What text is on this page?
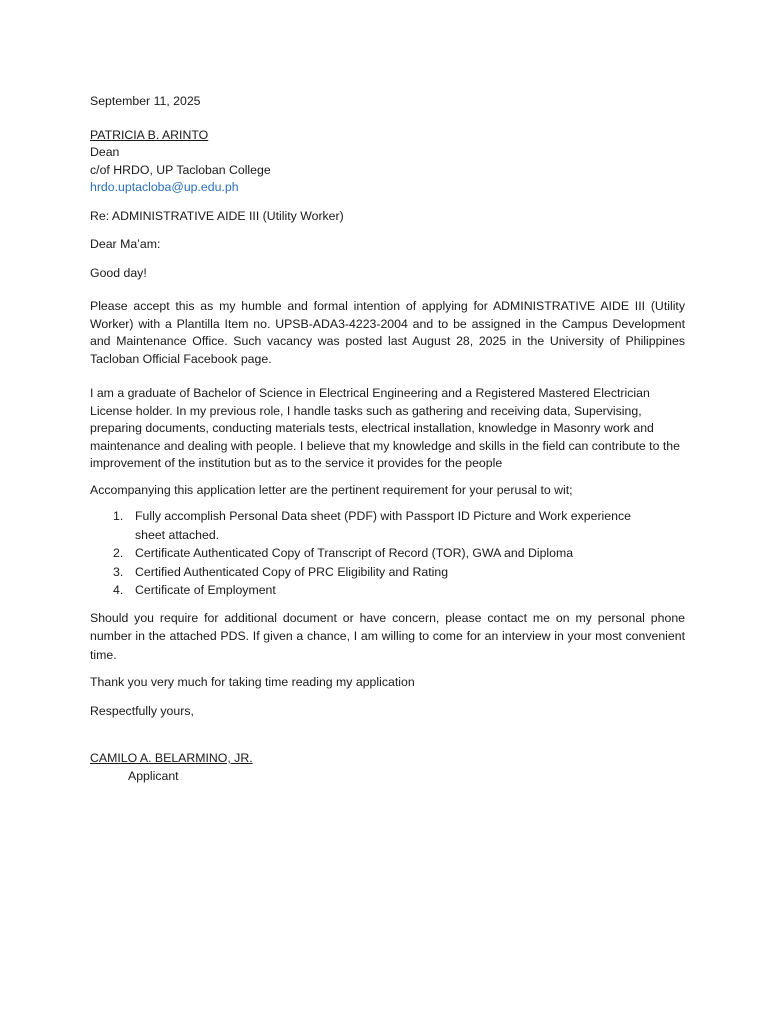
September 11, 2025

PATRICIA B. ARINTO

Dean

c/of HRDO, UP Tacloban College

hrdo.uptacloba@up.edu.ph

Re: ADMINISTRATIVE AIDE III (Utility Worker)

Dear Ma’am:

Good day!

Please accept this as my humble and formal intention of applying for ADMINISTRATIVE AIDE III (Utility Worker) with a Plantilla Item no. UPSB-ADA3-4223-2004 and to be assigned in the Campus Development and Maintenance Office. Such vacancy was posted last August 28, 2025 in the University of Philippines Tacloban Official Facebook page.

I am a graduate of Bachelor of Science in Electrical Engineering and a Registered Mastered Electrician License holder. In my previous role, I handle tasks such as gathering and receiving data, Supervising, preparing documents, conducting materials tests, electrical installation, knowledge in Masonry work and maintenance and dealing with people. I believe that my knowledge and skills in the field can contribute to the improvement of the institution but as to the service it provides for the people

Accompanying this application letter are the pertinent requirement for your perusal to wit;

1. Fully accomplish Personal Data sheet (PDF) with Passport ID Picture and Work experience sheet attached.
2. Certificate Authenticated Copy of Transcript of Record (TOR), GWA and Diploma
3. Certified Authenticated Copy of PRC Eligibility and Rating
4. Certificate of Employment

Should you require for additional document or have concern, please contact me on my personal phone number in the attached PDS. If given a chance, I am willing to come for an interview in your most convenient time.

Thank you very much for taking time reading my application

Respectfully yours,

CAMILO A. BELARMINO, JR.

Applicant
